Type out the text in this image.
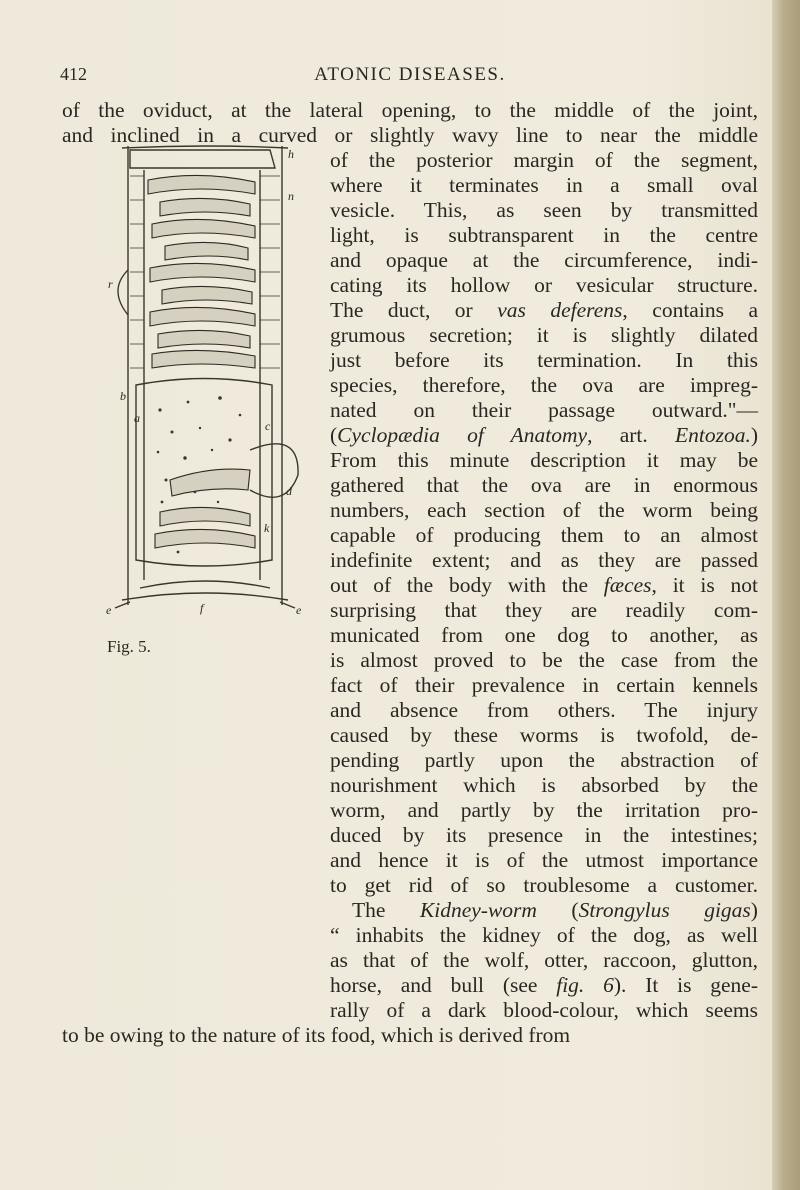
412	ATONIC DISEASES.
of the oviduct, at the lateral opening, to the middle of the joint,
and inclined in a curved or slightly wavy line to near the middle
of the posterior margin of the segment,
where it terminates in a small oval
vesicle. This, as seen by transmitted
light, is subtransparent in the centre
and opaque at the circumference, indi-
cating its hollow or vesicular structure.
The duct, or vas deferens, contains a
grumous secretion; it is slightly dilated
just before its termination. In this
species, therefore, the ova are impreg-
nated on their passage outward."—
(Cyclopædia of Anatomy, art. Entozoa.)
From this minute description it may be
gathered that the ova are in enormous
numbers, each section of the worm being
capable of producing them to an almost
indefinite extent; and as they are passed
out of the body with the fæces, it is not
surprising that they are readily com-
municated from one dog to another, as
is almost proved to be the case from the
fact of their prevalence in certain kennels
and absence from others. The injury
caused by these worms is twofold, de-
pending partly upon the abstraction of
nourishment which is absorbed by the
worm, and partly by the irritation pro-
duced by its presence in the intestines;
and hence it is of the utmost importance
to get rid of so troublesome a customer.
The Kidney-worm (Strongylus gigas)
“ inhabits the kidney of the dog, as well
as that of the wolf, otter, raccoon, glutton,
horse, and bull (see fig. 6). It is gene-
rally of a dark blood-colour, which seems
to be owing to the nature of its food, which is derived from
h
n
r
b
a
c
d
k
e	f	e
Fig. 5.
